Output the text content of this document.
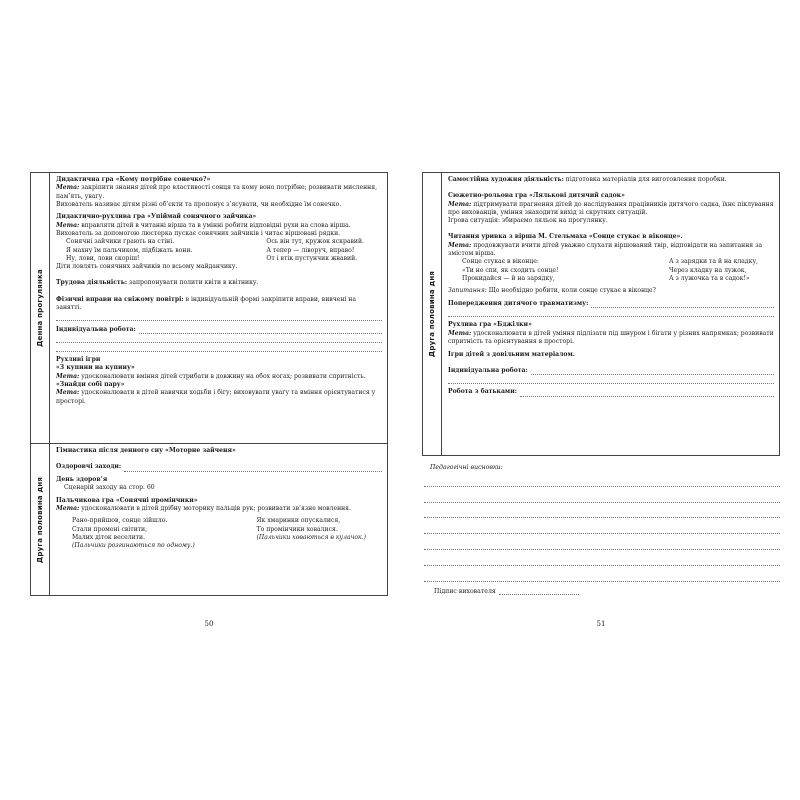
Денна прогулянка

Дидактична гра «Кому потрібне сонечко?»

Мета: закріпити знання дітей про властивості сонця та кому воно потрібне; розвивати мислення, пам’ять, увагу.

Вихователь називає дітям різні об’єкти та пропонує з’ясувати, чи необхідне їм сонечко.

Дидактично-рухлива гра «Упіймай сонячного зайчика»

Мета: вправляти дітей в читанні вірша та в умінні робити відповідні рухи на слова вірша.

Вихователь за допомогою люстерка пускає сонячних зайчиків і читає віршовані рядки.

Сонячні зайчики грають на стіні.

Я махну їм пальчиком, підбіжать вони.

Ну, лови, лови скоріш!

Ось він тут, кружок яскравий.

А тепер — ліворуч, вправо!

От і втік пустунчик жвавий.

Діти ловлять сонячних зайчиків по всьому майданчику.

Трудова діяльність: запропонувати полити квіти в квітнику.

Фізичні вправи на свіжому повітрі: в індивідуальній формі закріпити вправи, вивчені на занятті.

Індивідуальна робота:

Рухливі ігри

«З купини на купину»

Мета: удосконалювати вміння дітей стрибати в довжину на обох ногах; розвивати спритність.

«Знайди собі пару»

Мета: удосконалювати в дітей навички ходьби і бігу; виховувати увагу та вміння орієнтуватися у просторі.

Друга половина дня

Гімнастика після денного сну «Моторне зайченя»

Оздоровчі заходи:

День здоров’я

Сценарій заходу на стор. 60

Пальчикова гра «Сонячні промінчики»

Мета: удосконалювати в дітей дрібну моторику пальців рук; розвивати зв’язне мовлення.

Рано-прийшов, сонце зійшло.

Стали промені світити,

Малих діток веселити.

(Пальчики розгинаються по одному.)

Як хмаринки опускалися,

То промінчики ховалися.

(Пальчики ховаються в кулачок.)

50
Друга половина дня

Самостійна художня діяльність: підготовка матеріалів для виготовлення поробки.

Сюжетно-рольова гра «Лялькові дитячий садок»

Мета: підтримувати прагнення дітей до наслідування працівників дитячого садка, їхнє піклування про вихованців, уміння знаходити вихід зі скрутних ситуацій.

Ігрова ситуація: збираємо ляльок на прогулянку.

Читання уривка з вірша М. Стельмаха «Сонце стукає в віконце».

Мета: продовжувати вчити дітей уважно слухати віршований твір, відповідати на запитання за змістом вірша.

Сонце стукає в віконце:

«Ти не спи, як сходить сонце!

Прокидайся — й на зарядку,

А з зарядки та й на кладку,

Через кладку на лужок,

А з лужочка та в садок!»

Запитання: Що необхідно робити, коли сонце стукає в віконце?

Попередження дитячого травматизму:

Рухлива гра «Бджілки»

Мета: удосконалювати в дітей уміння підлізати під шнуром і бігати у різних напрямках; розвивати спритність та орієнтування в просторі.

Ігри дітей з довільним матеріалом.

Індивідуальна робота:
Робота з батьками:

Педагогічні висновки:

Підпис вихователя
51
